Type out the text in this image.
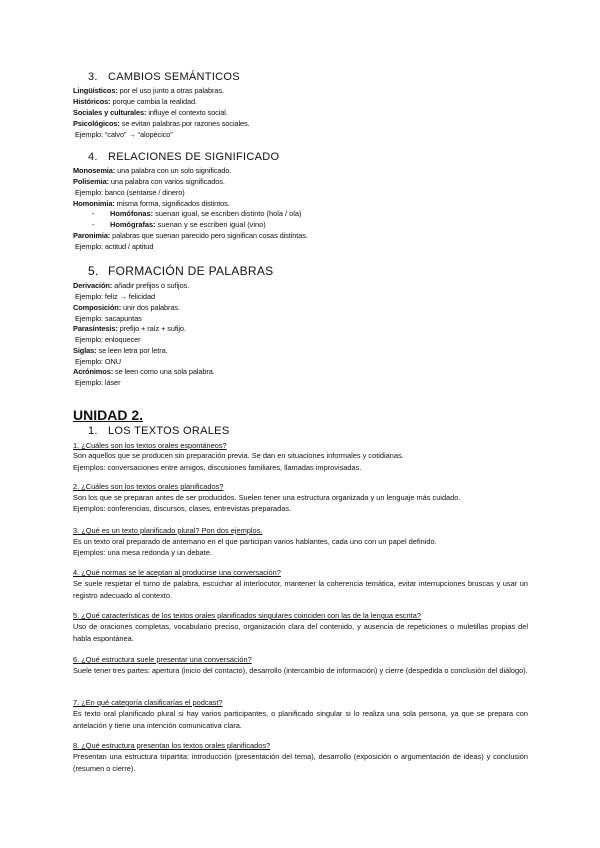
3. CAMBIOS SEMÁNTICOS
Lingüísticos: por el uso junto a otras palabras.
Históricos: porque cambia la realidad.
Sociales y culturales: influye el contexto social.
Psicológicos: se evitan palabras por razones sociales.
Ejemplo: “calvo” → “alopécico”
4. RELACIONES DE SIGNIFICADO
Monosemia: una palabra con un solo significado.
Polisemia: una palabra con varios significados.
Ejemplo: banco (sentarse / dinero)
Homonimia: misma forma, significados distintos.
- Homófonas: suenan igual, se escriben distinto (hola / ola)
- Homógrafas: suenan y se escriben igual (vino)
Paronimia: palabras que suenan parecido pero significan cosas distintas.
Ejemplo: actitud / aptitud
5. FORMACIÓN DE PALABRAS
Derivación: añadir prefijos o sufijos.
Ejemplo: feliz → felicidad
Composición: unir dos palabras.
Ejemplo: sacapuntas
Parasíntesis: prefijo + raíz + sufijo.
Ejemplo: enloquecer
Siglas: se leen letra por letra.
Ejemplo: ONU
Acrónimos: se leen como una sola palabra.
Ejemplo: láser
UNIDAD 2.
1. LOS TEXTOS ORALES
1. ¿Cuáles son los textos orales espontáneos?
Son aquellos que se producen sin preparación previa. Se dan en situaciones informales y cotidianas.
Ejemplos: conversaciones entre amigos, discusiones familiares, llamadas improvisadas.
2. ¿Cuáles son los textos orales planificados?
Son los que se preparan antes de ser producidos. Suelen tener una estructura organizada y un lenguaje más cuidado.
Ejemplos: conferencias, discursos, clases, entrevistas preparadas.
3. ¿Qué es un texto planificado plural? Pon dos ejemplos.
Es un texto oral preparado de antemano en el que participan varios hablantes, cada uno con un papel definido.
Ejemplos: una mesa redonda y un debate.
4. ¿Qué normas se le aceptan al producirse una conversación?
Se suele respetar el turno de palabra, escuchar al interlocutor, mantener la coherencia temática, evitar interrupciones bruscas y usar un registro adecuado al contexto.
5. ¿Qué características de los textos orales planificados singulares coinciden con las de la lengua escrita?
Uso de oraciones completas, vocabulario preciso, organización clara del contenido, y ausencia de repeticiones o muletillas propias del habla espontánea.
6. ¿Qué estructura suele presentar una conversación?
Suele tener tres partes: apertura (inicio del contacto), desarrollo (intercambio de información) y cierre (despedida o conclusión del diálogo).
7. ¿En qué categoría clasificarías el podcast?
Es texto oral planificado plural si hay varios participantes, o planificado singular si lo realiza una sola persona, ya que se prepara con antelación y tiene una intención comunicativa clara.
8. ¿Qué estructura presentan los textos orales planificados?
Presentan una estructura tripartita: introducción (presentación del tema), desarrollo (exposición o argumentación de ideas) y conclusión (resumen o cierre).
